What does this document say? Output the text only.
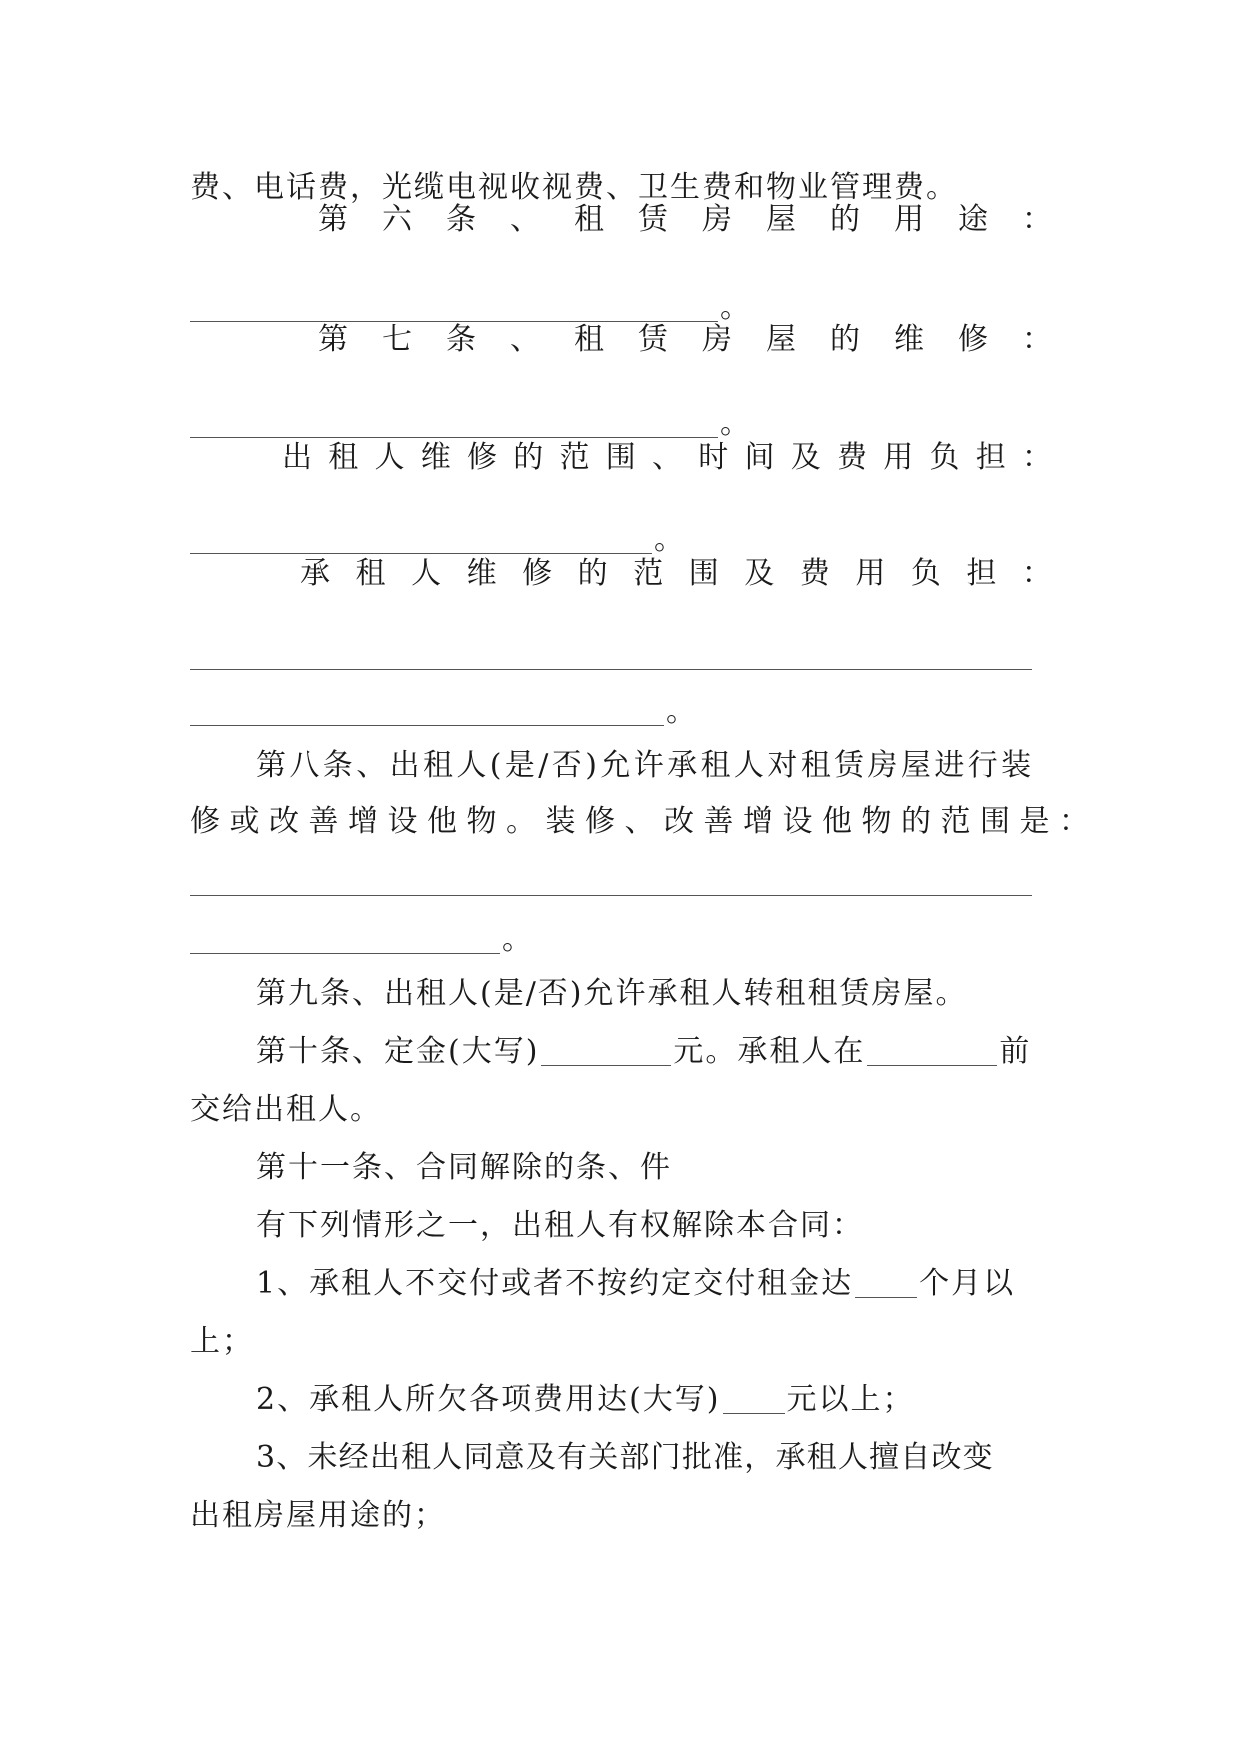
费、电话费，光缆电视收视费、卫生费和物业管理费。
第 六 条 、 租 赁 房 屋 的 用 途 ：
。
第 七 条 、 租 赁 房 屋 的 维 修 ：
。
出 租 人 维 修 的 范 围 、 时 间 及 费 用 负 担 ：
。
承 租 人 维 修 的 范 围 及 费 用 负 担 ：
。
第八条、出租人(是/否)允许承租人对租赁房屋进行装
修或改善增设他物。装修、改善增设他物的范围是：
。
第九条、出租人(是/否)允许承租人转租租赁房屋。
第十条、定金(大写)	元。承租人在	前
交给出租人。
第十一条、合同解除的条、件
有下列情形之一，出租人有权解除本合同：
1、承租人不交付或者不按约定交付租金达 个月以
上；
2、承租人所欠各项费用达(大写) 元以上；
3、未经出租人同意及有关部门批准，承租人擅自改变
出租房屋用途的；
